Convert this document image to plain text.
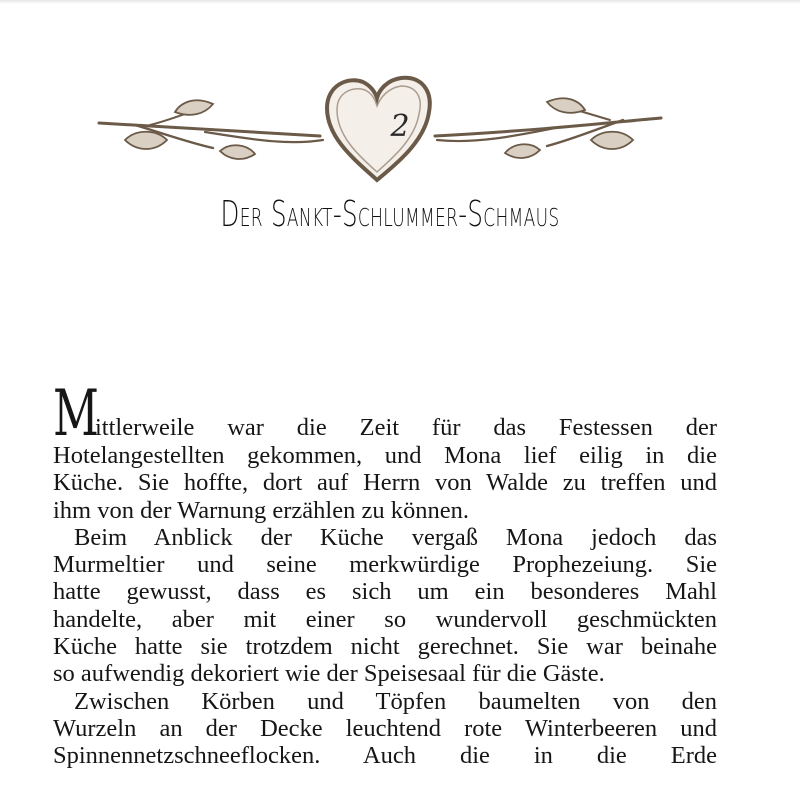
2
Der Sankt-Schlummer-Schmaus
M
ittlerweile war die Zeit für das Festessen der
Hotelangestellten gekommen, und Mona lief eilig in die
Küche. Sie hoffte, dort auf Herrn von Walde zu treffen und
ihm von der Warnung erzählen zu können.
Beim Anblick der Küche vergaß Mona jedoch das
Murmeltier und seine merkwürdige Prophezeiung. Sie
hatte gewusst, dass es sich um ein besonderes Mahl
handelte, aber mit einer so wundervoll geschmückten
Küche hatte sie trotzdem nicht gerechnet. Sie war beinahe
so aufwendig dekoriert wie der Speisesaal für die Gäste.
Zwischen Körben und Töpfen baumelten von den
Wurzeln an der Decke leuchtend rote Winterbeeren und
Spinnennetzschneeflocken. Auch die in die Erde
